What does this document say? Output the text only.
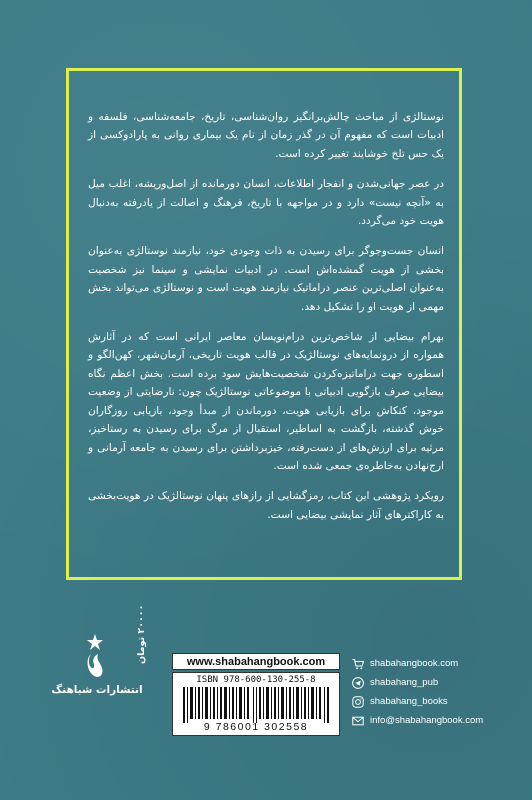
نوستالژی از مباحث چالش‌برانگیز روان‌شناسی، تاریخ، جامعه‌شناسی، فلسفه و ادبیات است که مفهوم آن در گذر زمان از نام یک بیماری روانی به پارادوکسی از یک حس تلخ خوشایند تغییر کرده است.

در عصر جهانی‌شدن و انفجار اطلاعات، انسان دورمانده از اصل‌وریشه، اغلب میل به «آنچه نیست» دارد و در مواجهه با تاریخ، فرهنگ و اصالت از یادرفته به‌دنبال هویت خود می‌گردد.

انسان جست‌وجوگر برای رسیدن به ذات وجودی خود، نیازمند نوستالژی به‌عنوان بخشی از هویت گمشده‌اش است. در ادبیات نمایشی و سینما نیز شخصیت به‌عنوان اصلی‌ترین عنصر دراماتیک نیازمند هویت است و نوستالژی می‌تواند بخش مهمی از هویت او را تشکیل دهد.

بهرام بیضایی از شاخص‌ترین درام‌نویسان معاصر ایرانی است که در آثارش همواره از درونمایه‌های نوستالژیک در قالب هویت تاریخی، آرمان‌شهر، کهن‌الگو و اسطوره جهت دراماتیزه‌کردن شخصیت‌هایش سود برده است. بخش اعظم نگاه بیضایی صرف بازگویی ادبیاتی با موضوعاتی نوستالژیک چون: نارضایتی از وضعیت موجود، کنکاش برای بازیابی هویت، دورماندن از مبدأ وجود، بازیابی روزگاران خوش گذشته، بازگشت به اساطیر، استقبال از مرگ برای رسیدن به رستاخیز، مرثیه برای ارزش‌های از دست‌رفته، خیزبرداشتن برای رسیدن به جامعه آرمانی و ارج‌نهادن به‌خاطره‌ی جمعی شده است.

رویکرد پژوهشی این کتاب، رمزگشایی از رازهای پنهان نوستالژیک در هویت‌بخشی به کاراکترهای آثار نمایشی بیضایی است.

انتشارات شباهنگ
۲۰۰۰۰ تومان
www.shabahangbook.com
ISBN 978-600-130-255-8
9 786001 302558
shabahangbook.com
shabahang_pub
shabahang_books
info@shabahangbook.com
